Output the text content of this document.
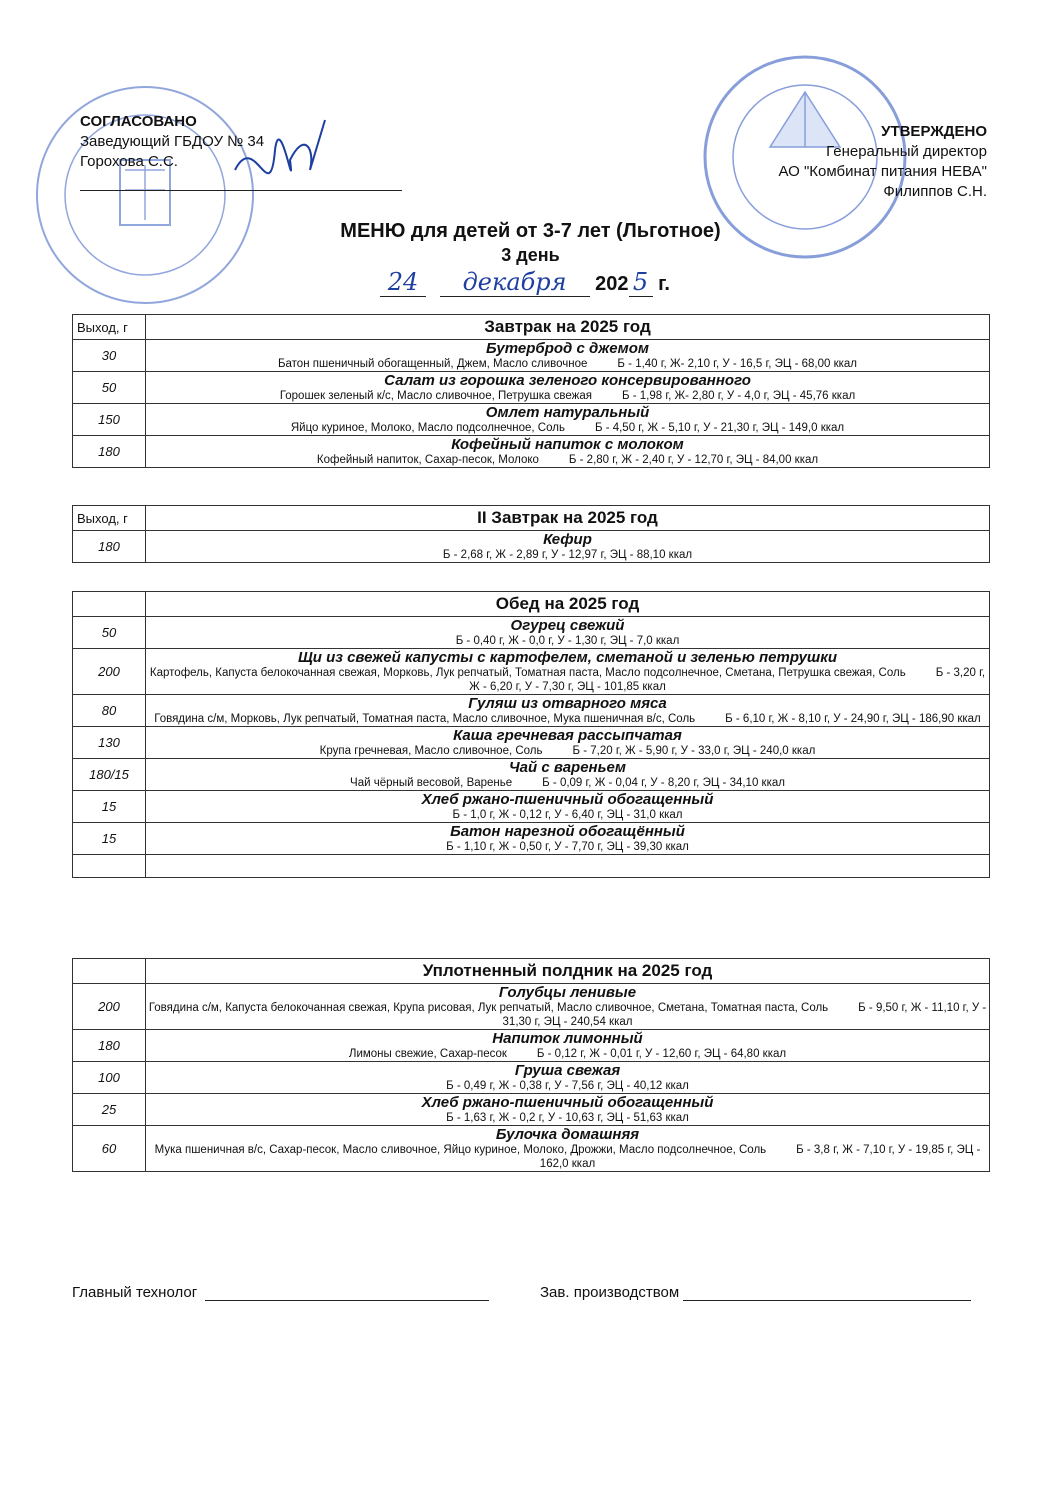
СОГЛАСОВАНО
Заведующий ГБДОУ № 34
Горохова С.С.
УТВЕРЖДЕНО
Генеральный директор
АО "Комбинат питания НЕВА"
Филиппов С.Н.
МЕНЮ для детей от 3-7 лет (Льготное)
3 день
24 декабря 202 5 г.
Выход, г	Завтрак на 2025 год
30	Бутерброд с джемом
Батон пшеничный обогащенный, Джем, Масло сливочное Б - 1,40 г, Ж- 2,10 г, У - 16,5 г, ЭЦ - 68,00 ккал

50	Салат из горошка зеленого консервированного
Горошек зеленый к/с, Масло сливочное, Петрушка свежая Б - 1,98 г, Ж- 2,80 г, У - 4,0 г, ЭЦ - 45,76 ккал

150	Омлет натуральный
Яйцо куриное, Молоко, Масло подсолнечное, Соль Б - 4,50 г, Ж - 5,10 г, У - 21,30 г, ЭЦ - 149,0 ккал

180	Кофейный напиток с молоком
Кофейный напиток, Сахар-песок, Молоко Б - 2,80 г, Ж - 2,40 г, У - 12,70 г, ЭЦ - 84,00 ккал
Выход, г	II Завтрак на 2025 год
180	Кефир
Б - 2,68 г, Ж - 2,89 г, У - 12,97 г, ЭЦ - 88,10 ккал
	Обед на 2025 год
50	Огурец свежий
Б - 0,40 г, Ж - 0,0 г, У - 1,30 г, ЭЦ - 7,0 ккал

200	Щи из свежей капусты с картофелем, сметаной и зеленью петрушки
Картофель, Капуста белокочанная свежая, Морковь, Лук репчатый, Томатная паста, Масло подсолнечное, Сметана, Петрушка свежая, Соль Б - 3,20 г, Ж - 6,20 г, У - 7,30 г, ЭЦ - 101,85 ккал

80	Гуляш из отварного мяса
Говядина с/м, Морковь, Лук репчатый, Томатная паста, Масло сливочное, Мука пшеничная в/с, Соль Б - 6,10 г, Ж - 8,10 г, У - 24,90 г, ЭЦ - 186,90 ккал

130	Каша гречневая рассыпчатая
Крупа гречневая, Масло сливочное, Соль Б - 7,20 г, Ж - 5,90 г, У - 33,0 г, ЭЦ - 240,0 ккал

180/15	Чай с вареньем
Чай чёрный весовой, Варенье Б - 0,09 г, Ж - 0,04 г, У - 8,20 г, ЭЦ - 34,10 ккал

15	Хлеб ржано-пшеничный обогащенный
Б - 1,0 г, Ж - 0,12 г, У - 6,40 г, ЭЦ - 31,0 ккал

15	Батон нарезной обогащённый
Б - 1,10 г, Ж - 0,50 г, У - 7,70 г, ЭЦ - 39,30 ккал

	Уплотненный полдник на 2025 год
200	Голубцы ленивые
Говядина с/м, Капуста белокочанная свежая, Крупа рисовая, Лук репчатый, Масло сливочное, Сметана, Томатная паста, Соль Б - 9,50 г, Ж - 11,10 г, У - 31,30 г, ЭЦ - 240,54 ккал

180	Напиток лимонный
Лимоны свежие, Сахар-песок Б - 0,12 г, Ж - 0,01 г, У - 12,60 г, ЭЦ - 64,80 ккал

100	Груша свежая
Б - 0,49 г, Ж - 0,38 г, У - 7,56 г, ЭЦ - 40,12 ккал

25	Хлеб ржано-пшеничный обогащенный
Б - 1,63 г, Ж - 0,2 г, У - 10,63 г, ЭЦ - 51,63 ккал

60	Булочка домашняя
Мука пшеничная в/с, Сахар-песок, Масло сливочное, Яйцо куриное, Молоко, Дрожжи, Масло подсолнечное, Соль Б - 3,8 г, Ж - 7,10 г, У - 19,85 г, ЭЦ - 162,0 ккал
Главный технолог	Зав. производством
